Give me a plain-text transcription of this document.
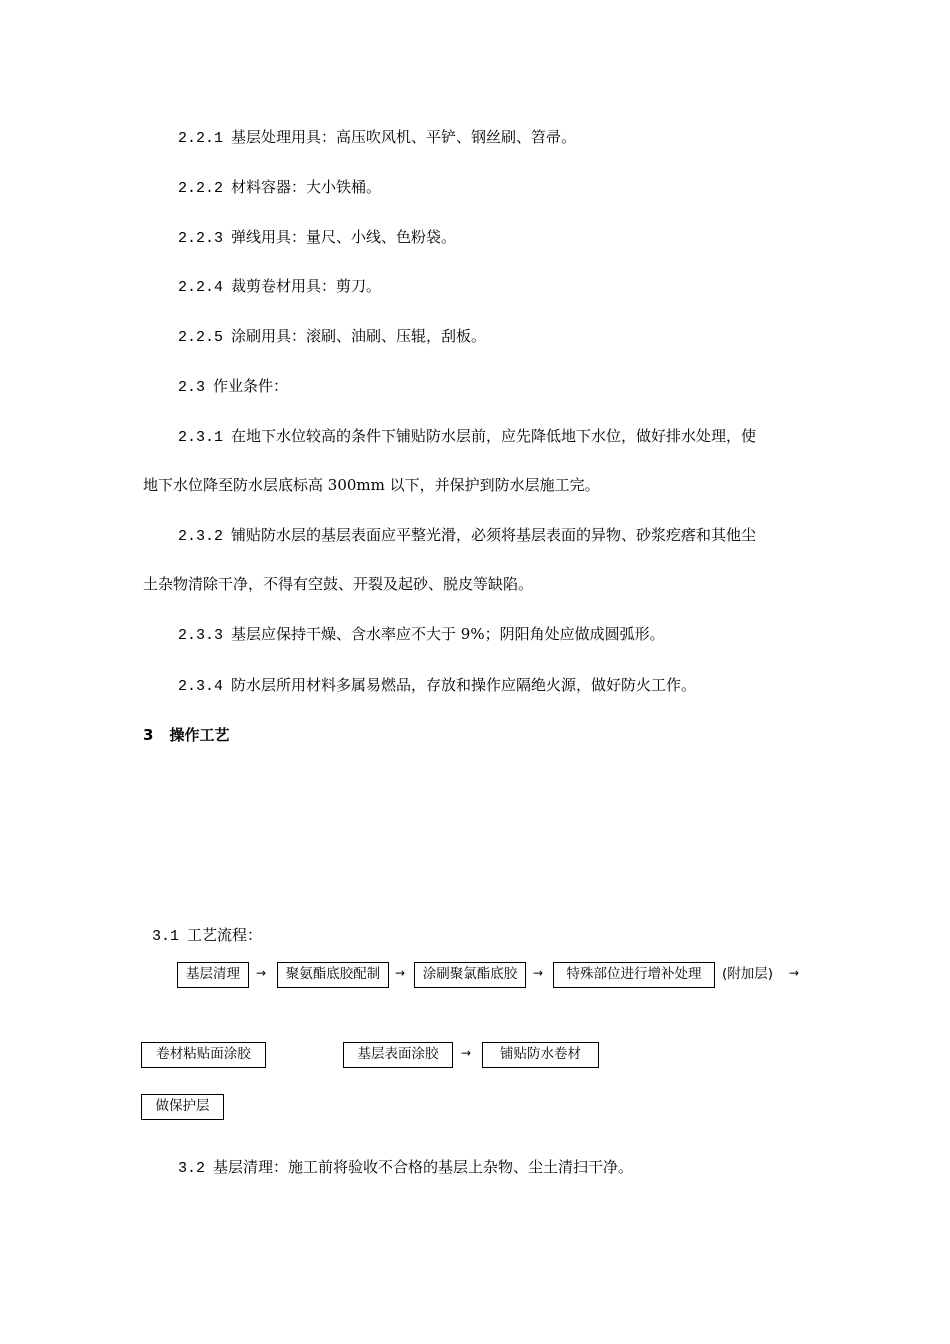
2.2.1 基层处理用具：高压吹风机、平铲、钢丝刷、笤帚。
2.2.2 材料容器：大小铁桶。
2.2.3 弹线用具：量尺、小线、色粉袋。
2.2.4 裁剪卷材用具：剪刀。
2.2.5 涂刷用具：滚刷、油刷、压辊，刮板。
2.3 作业条件：
2.3.1 在地下水位较高的条件下铺贴防水层前，应先降低地下水位，做好排水处理，使
地下水位降至防水层底标高 300mm 以下，并保护到防水层施工完。
2.3.2 铺贴防水层的基层表面应平整光滑，必须将基层表面的异物、砂浆疙瘩和其他尘
土杂物清除干净，不得有空鼓、开裂及起砂、脱皮等缺陷。
2.3.3 基层应保持干燥、含水率应不大于 9%；阴阳角处应做成圆弧形。
2.3.4 防水层所用材料多属易燃品，存放和操作应隔绝火源，做好防火工作。
3 操作工艺
3.1 工艺流程：
基层清理	→	聚氨酯底胶配制	→	涂刷聚氯酯底胶	→	特殊部位进行增补处理	(附加层) →
卷材粘贴面涂胶	基层表面涂胶	→	铺贴防水卷材
做保护层
3.2 基层清理：施工前将验收不合格的基层上杂物、尘土清扫干净。
